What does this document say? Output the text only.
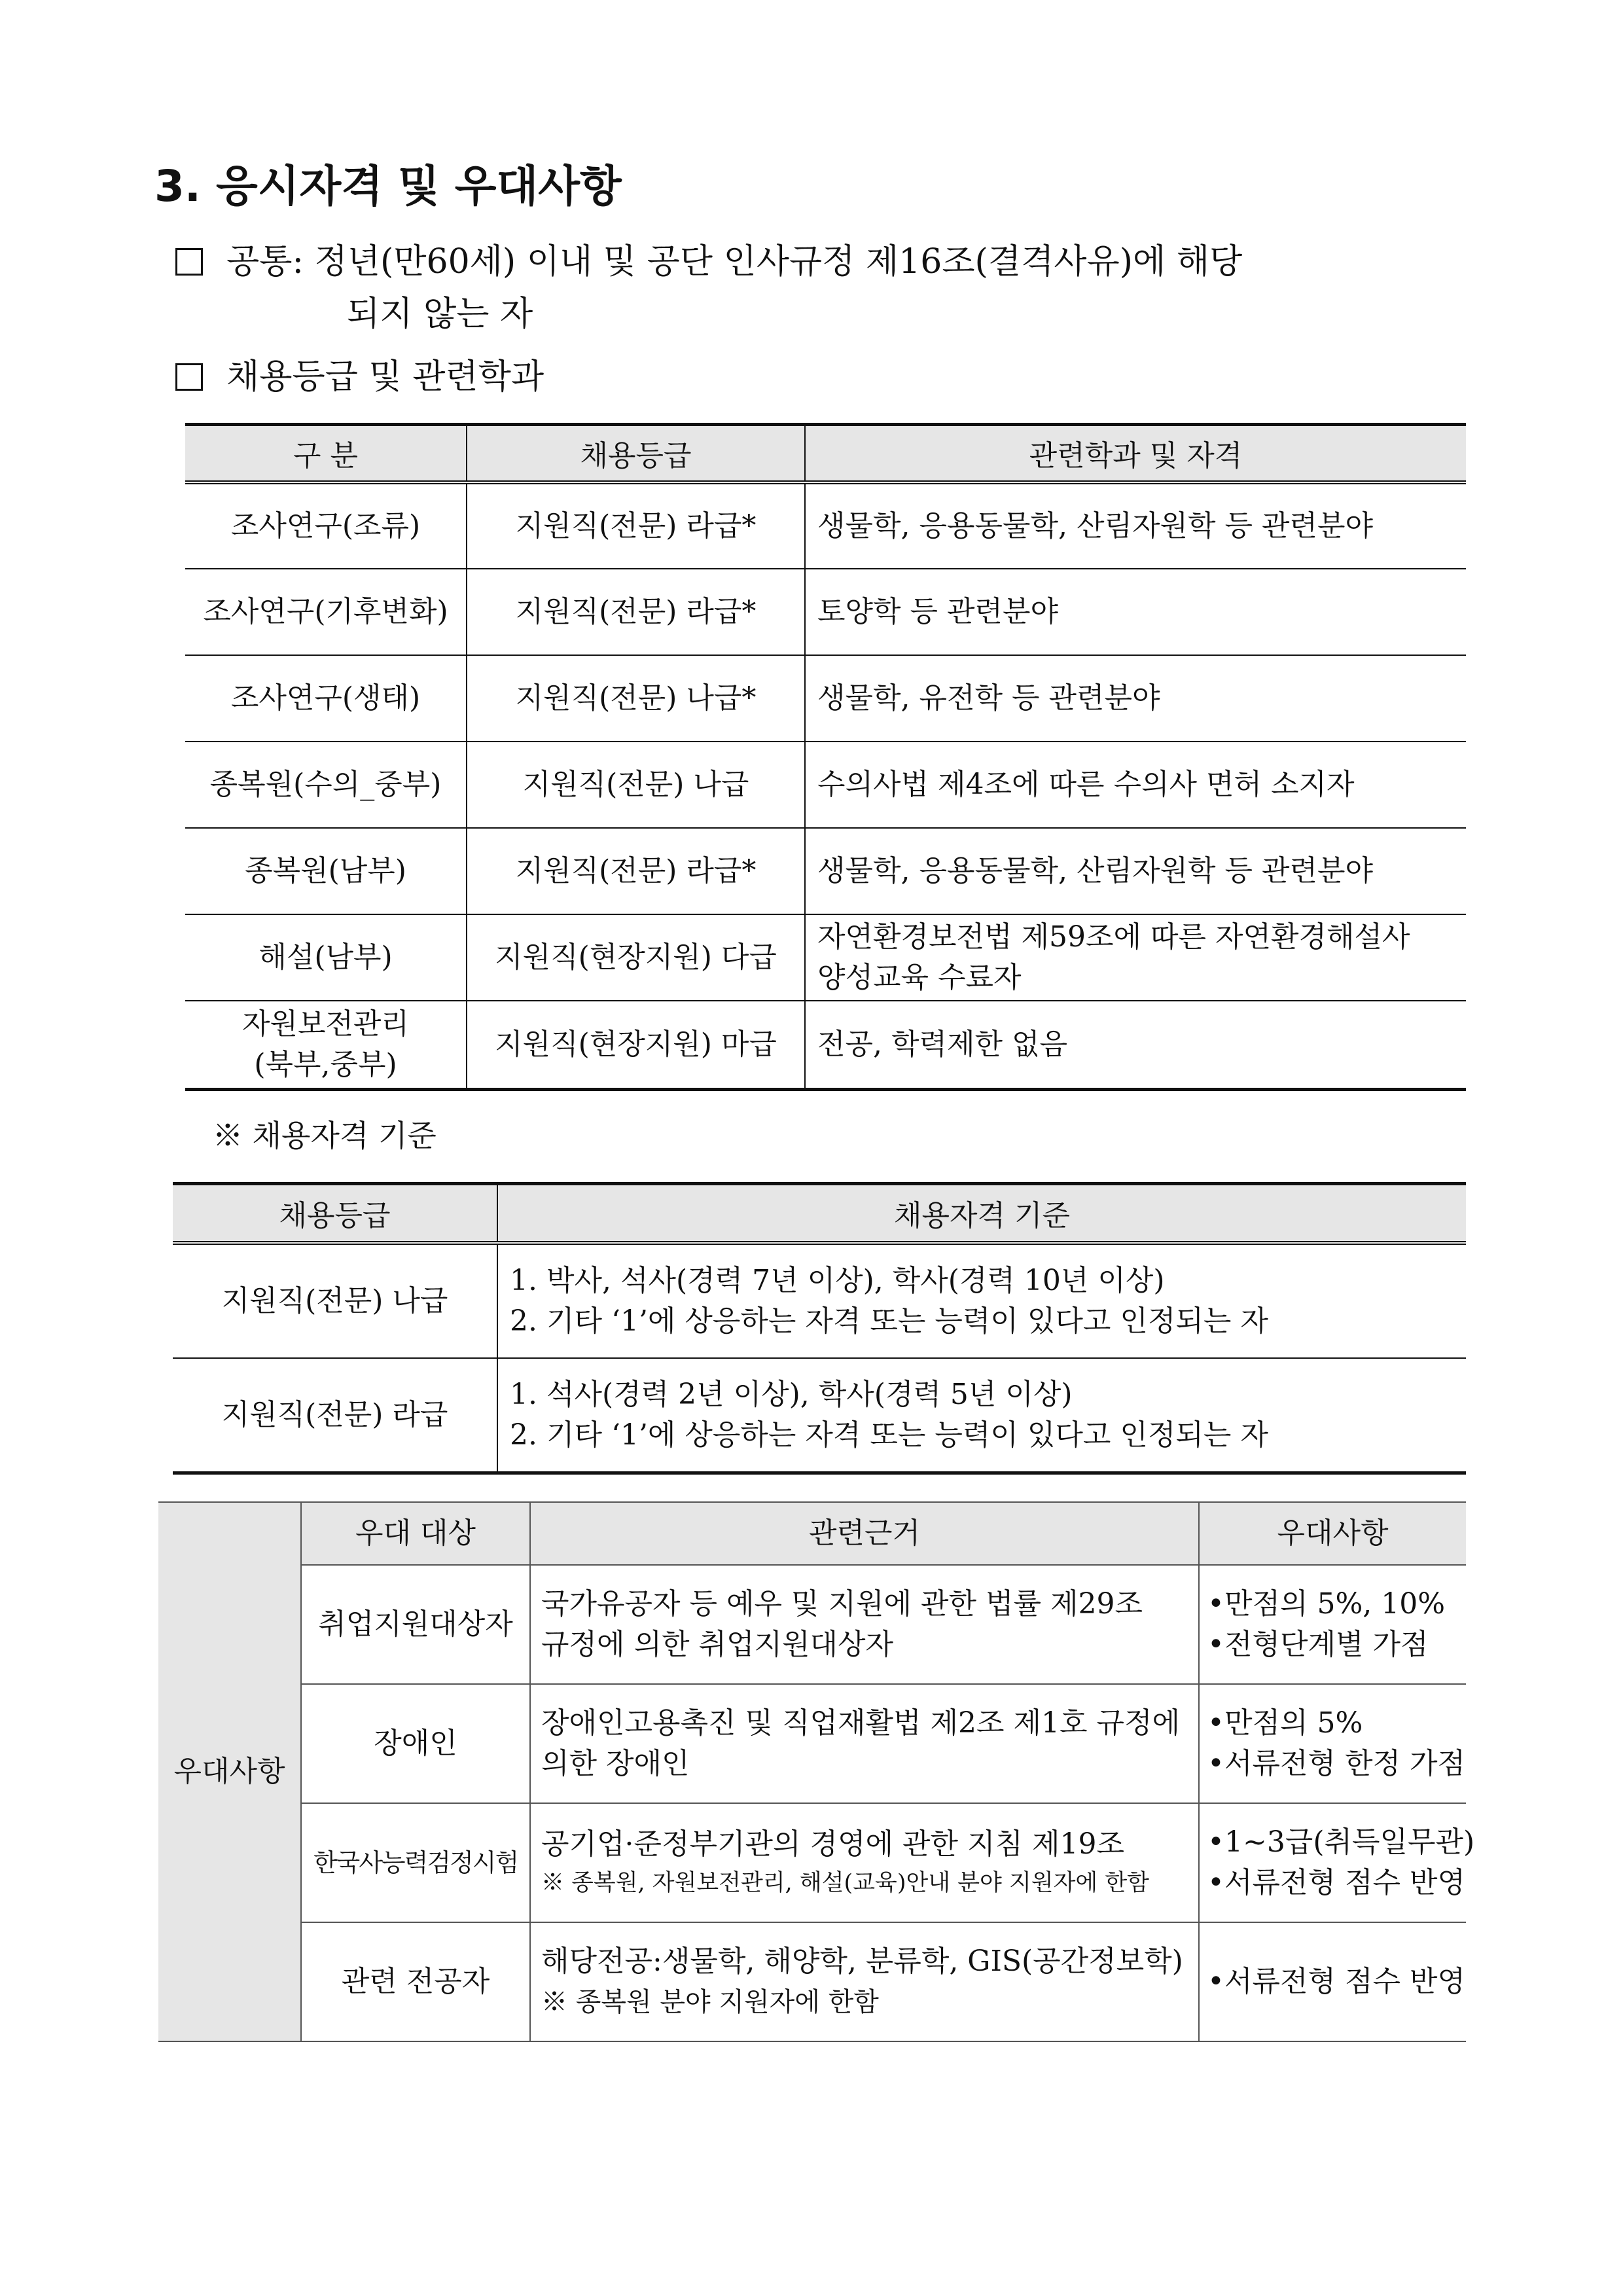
3. 응시자격 및 우대사항
공통: 정년(만60세) 이내 및 공단 인사규정 제16조(결격사유)에 해당
되지 않는 자
채용등급 및 관련학과
구 분	채용등급	관련학과 및 자격
조사연구(조류)	지원직(전문) 라급*	생물학, 응용동물학, 산림자원학 등 관련분야

조사연구(기후변화)	지원직(전문) 라급*	토양학 등 관련분야

조사연구(생태)	지원직(전문) 나급*	생물학, 유전학 등 관련분야

종복원(수의_중부)	지원직(전문) 나급	수의사법 제4조에 따른 수의사 면허 소지자

종복원(남부)	지원직(전문) 라급*	생물학, 응용동물학, 산림자원학 등 관련분야

해설(남부)	지원직(현장지원) 다급	자연환경보전법 제59조에 따른 자연환경해설사
양성교육 수료자

자원보전관리
(북부,중부)	지원직(현장지원) 마급	전공, 학력제한 없음
※ 채용자격 기준
채용등급	채용자격 기준
지원직(전문) 나급	1. 박사, 석사(경력 7년 이상), 학사(경력 10년 이상)
2. 기타 ‘1’에 상응하는 자격 또는 능력이 있다고 인정되는 자

지원직(전문) 라급	1. 석사(경력 2년 이상), 학사(경력 5년 이상)
2. 기타 ‘1’에 상응하는 자격 또는 능력이 있다고 인정되는 자
우대사항	우대 대상	관련근거	우대사항
	취업지원대상자	국가유공자 등 예우 및 지원에 관한 법률 제29조
규정에 의한 취업지원대상자	•만점의 5%, 10%
•전형단계별 가점

	장애인	장애인고용촉진 및 직업재활법 제2조 제1호 규정에
의한 장애인	•만점의 5%
•서류전형 한정 가점

	한국사능력검정시험	공기업·준정부기관의 경영에 관한 지침 제19조
※ 종복원, 자원보전관리, 해설(교육)안내 분야 지원자에 한함	•1~3급(취득일무관)
•서류전형 점수 반영

	관련 전공자	해당전공:생물학, 해양학, 분류학, GIS(공간정보학)
※ 종복원 분야 지원자에 한함	•서류전형 점수 반영
